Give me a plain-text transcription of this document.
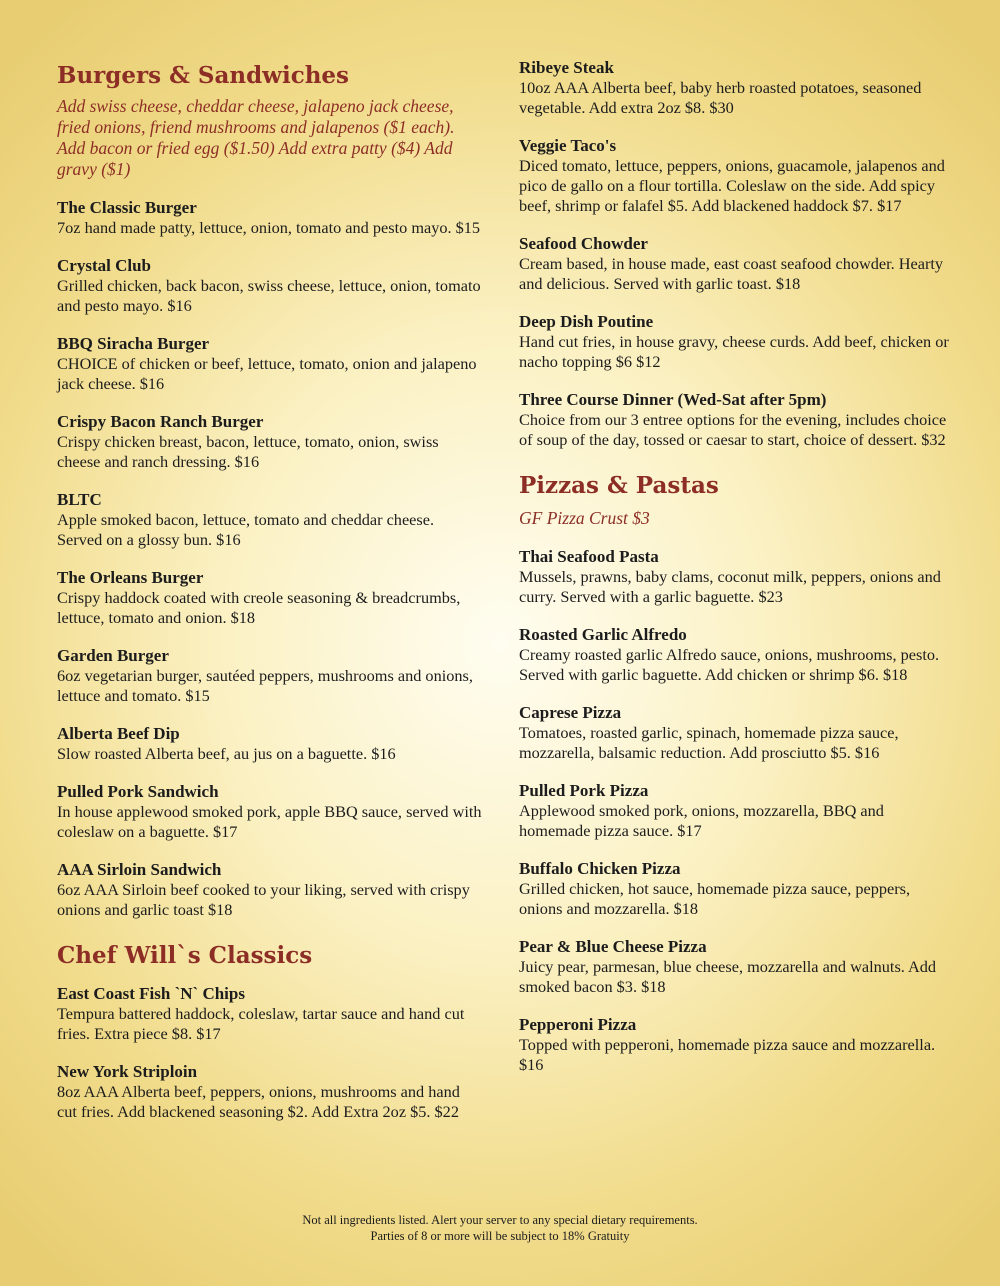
Burgers & Sandwiches
Add swiss cheese, cheddar cheese, jalapeno jack cheese, fried onions, friend mushrooms and jalapenos ($1 each). Add bacon or fried egg ($1.50) Add extra patty ($4) Add gravy ($1)
The Classic Burger
7oz hand made patty, lettuce, onion, tomato and pesto mayo. $15
Crystal Club
Grilled chicken, back bacon, swiss cheese, lettuce, onion, tomato and pesto mayo. $16
BBQ Siracha Burger
CHOICE of chicken or beef, lettuce, tomato, onion and jalapeno jack cheese. $16
Crispy Bacon Ranch Burger
Crispy chicken breast, bacon, lettuce, tomato, onion, swiss cheese and ranch dressing. $16
BLTC
Apple smoked bacon, lettuce, tomato and cheddar cheese. Served on a glossy bun. $16
The Orleans Burger
Crispy haddock coated with creole seasoning & breadcrumbs, lettuce, tomato and onion. $18
Garden Burger
6oz vegetarian burger, sautéed peppers, mushrooms and onions, lettuce and tomato. $15
Alberta Beef Dip
Slow roasted Alberta beef, au jus on a baguette. $16
Pulled Pork Sandwich
In house applewood smoked pork, apple BBQ sauce, served with coleslaw on a baguette. $17
AAA Sirloin Sandwich
6oz AAA Sirloin beef cooked to your liking, served with crispy onions and garlic toast $18
Chef Will`s Classics
East Coast Fish `N` Chips
Tempura battered haddock, coleslaw, tartar sauce and hand cut fries. Extra piece $8. $17
New York Striploin
8oz AAA Alberta beef, peppers, onions, mushrooms and hand cut fries. Add blackened seasoning $2. Add Extra 2oz $5. $22
Ribeye Steak
10oz AAA Alberta beef, baby herb roasted potatoes, seasoned vegetable. Add extra 2oz $8. $30
Veggie Taco's
Diced tomato, lettuce, peppers, onions, guacamole, jalapenos and pico de gallo on a flour tortilla. Coleslaw on the side. Add spicy beef, shrimp or falafel $5. Add blackened haddock $7. $17
Seafood Chowder
Cream based, in house made, east coast seafood chowder. Hearty and delicious. Served with garlic toast. $18
Deep Dish Poutine
Hand cut fries, in house gravy, cheese curds. Add beef, chicken or nacho topping $6 $12
Three Course Dinner (Wed-Sat after 5pm)
Choice from our 3 entree options for the evening, includes choice of soup of the day, tossed or caesar to start, choice of dessert. $32
Pizzas & Pastas
GF Pizza Crust $3
Thai Seafood Pasta
Mussels, prawns, baby clams, coconut milk, peppers, onions and curry. Served with a garlic baguette. $23
Roasted Garlic Alfredo
Creamy roasted garlic Alfredo sauce, onions, mushrooms, pesto. Served with garlic baguette. Add chicken or shrimp $6. $18
Caprese Pizza
Tomatoes, roasted garlic, spinach, homemade pizza sauce, mozzarella, balsamic reduction. Add prosciutto $5. $16
Pulled Pork Pizza
Applewood smoked pork, onions, mozzarella, BBQ and homemade pizza sauce. $17
Buffalo Chicken Pizza
Grilled chicken, hot sauce, homemade pizza sauce, peppers, onions and mozzarella. $18
Pear & Blue Cheese Pizza
Juicy pear, parmesan, blue cheese, mozzarella and walnuts. Add smoked bacon $3. $18
Pepperoni Pizza
Topped with pepperoni, homemade pizza sauce and mozzarella. $16
Not all ingredients listed. Alert your server to any special dietary requirements.
Parties of 8 or more will be subject to 18% Gratuity
